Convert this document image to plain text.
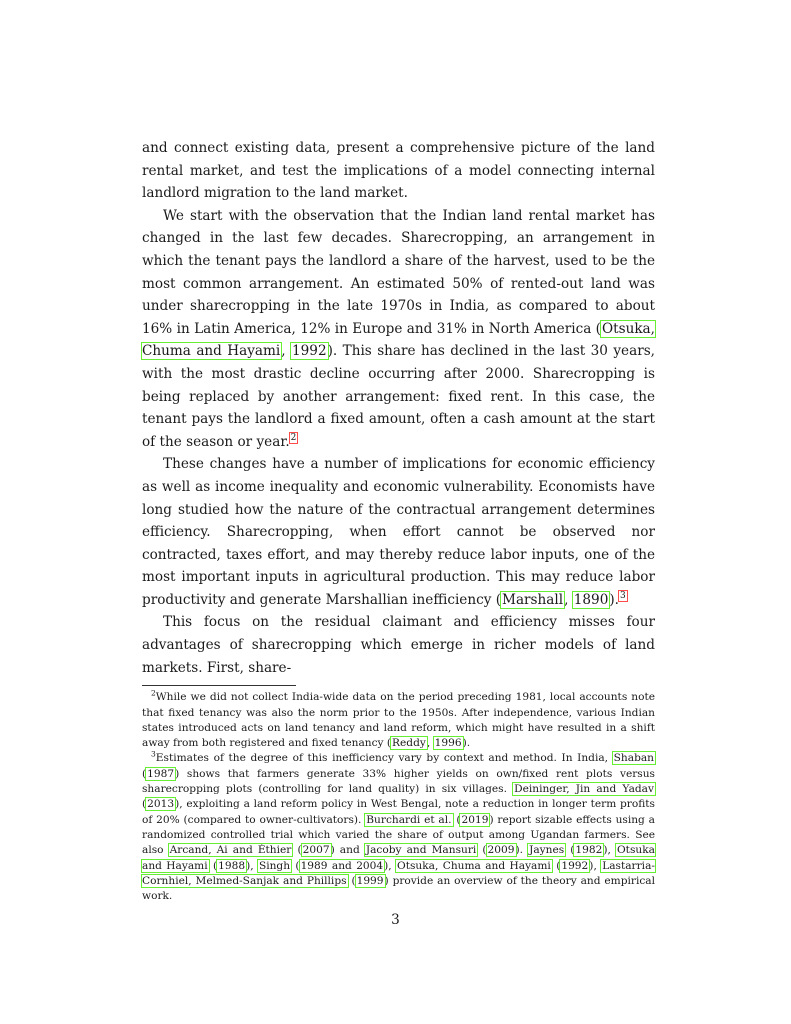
and connect existing data, present a comprehensive picture of the land rental market, and test the implications of a model connecting internal landlord migration to the land market.

We start with the observation that the Indian land rental market has changed in the last few decades. Sharecropping, an arrangement in which the tenant pays the landlord a share of the harvest, used to be the most common arrangement. An estimated 50% of rented-out land was under sharecropping in the late 1970s in India, as compared to about 16% in Latin America, 12% in Europe and 31% in North America (Otsuka, Chuma and Hayami, 1992). This share has declined in the last 30 years, with the most drastic decline occurring after 2000. Sharecropping is being replaced by another arrangement: fixed rent. In this case, the tenant pays the landlord a fixed amount, often a cash amount at the start of the season or year.$^2$

These changes have a number of implications for economic efficiency as well as income inequality and economic vulnerability. Economists have long studied how the nature of the contractual arrangement determines efficiency. Sharecropping, when effort cannot be observed nor contracted, taxes effort, and may thereby reduce labor inputs, one of the most important inputs in agricultural production. This may reduce labor productivity and generate Marshallian inefficiency (Marshall, 1890).$^3$

This focus on the residual claimant and efficiency misses four advantages of sharecropping which emerge in richer models of land markets. First, share-

$^2$While we did not collect India-wide data on the period preceding 1981, local accounts note that fixed tenancy was also the norm prior to the 1950s. After independence, various Indian states introduced acts on land tenancy and land reform, which might have resulted in a shift away from both registered and fixed tenancy (Reddy, 1996).

$^3$Estimates of the degree of this inefficiency vary by context and method. In India, Shaban (1987) shows that farmers generate 33% higher yields on own/fixed rent plots versus sharecropping plots (controlling for land quality) in six villages. Deininger, Jin and Yadav (2013), exploiting a land reform policy in West Bengal, note a reduction in longer term profits of 20% (compared to owner-cultivators). Burchardi et al. (2019) report sizable effects using a randomized controlled trial which varied the share of output among Ugandan farmers. See also Arcand, Ai and Éthier (2007) and Jacoby and Mansuri (2009). Jaynes (1982), Otsuka and Hayami (1988), Singh (1989 and 2004), Otsuka, Chuma and Hayami (1992), Lastarria-Cornhiel, Melmed-Sanjak and Phillips (1999) provide an overview of the theory and empirical work.

3
